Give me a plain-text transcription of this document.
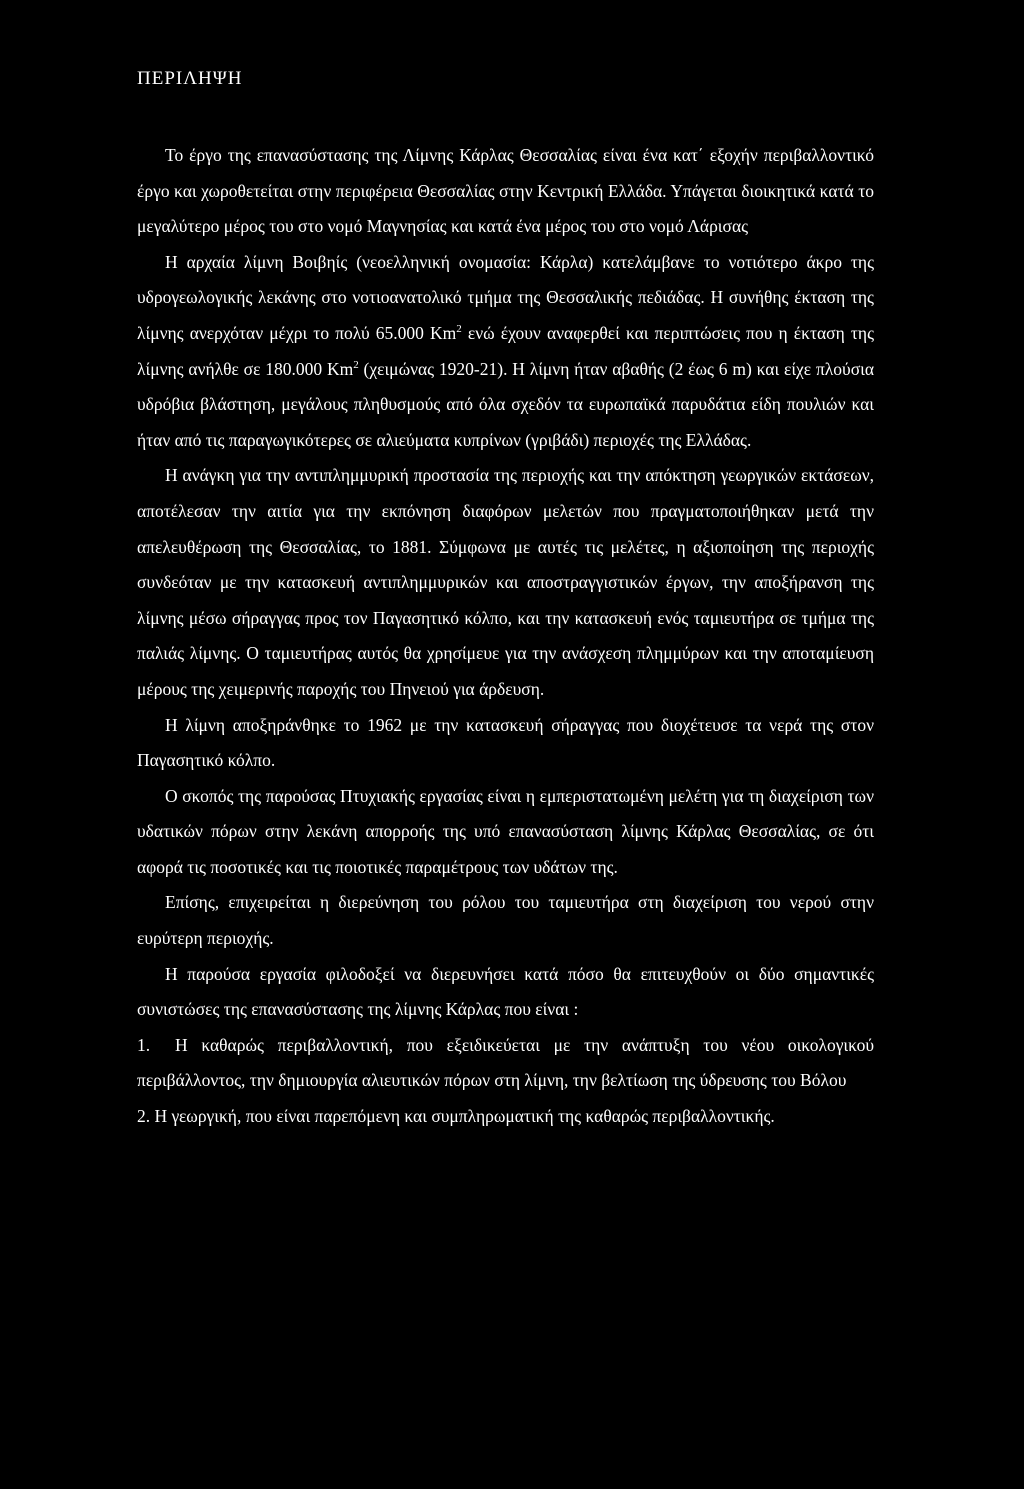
ΠΕΡΙΛΗΨΗ

Το έργο της επανασύστασης της Λίμνης Κάρλας Θεσσαλίας είναι ένα κατ΄ εξοχήν περιβαλλοντικό έργο και χωροθετείται στην περιφέρεια Θεσσαλίας στην Κεντρική Ελλάδα. Υπάγεται διοικητικά κατά το μεγαλύτερο μέρος του στο νομό Μαγνησίας και κατά ένα μέρος του στο νομό Λάρισας

Η αρχαία λίμνη Βοιβηίς (νεοελληνική ονομασία: Κάρλα) κατελάμβανε το νοτιότερο άκρο της υδρογεωλογικής λεκάνης στο νοτιοανατολικό τμήμα της Θεσσαλικής πεδιάδας. Η συνήθης έκταση της λίμνης ανερχόταν μέχρι το πολύ 65.000 Km$^2$ ενώ έχουν αναφερθεί και περιπτώσεις που η έκταση της λίμνης ανήλθε σε 180.000 Km$^2$ (χειμώνας 1920-21). Η λίμνη ήταν αβαθής (2 έως 6 m) και είχε πλούσια υδρόβια βλάστηση, μεγάλους πληθυσμούς από όλα σχεδόν τα ευρωπαϊκά παρυδάτια είδη πουλιών και ήταν από τις παραγωγικότερες σε αλιεύματα κυπρίνων (γριβάδι) περιοχές της Ελλάδας.

Η ανάγκη για την αντιπλημμυρική προστασία της περιοχής και την απόκτηση γεωργικών εκτάσεων, αποτέλεσαν την αιτία για την εκπόνηση διαφόρων μελετών που πραγματοποιήθηκαν μετά την απελευθέρωση της Θεσσαλίας, το 1881. Σύμφωνα με αυτές τις μελέτες, η αξιοποίηση της περιοχής συνδεόταν με την κατασκευή αντιπλημμυρικών και αποστραγγιστικών έργων, την αποξήρανση της λίμνης μέσω σήραγγας προς τον Παγασητικό κόλπο, και την κατασκευή ενός ταμιευτήρα σε τμήμα της παλιάς λίμνης. Ο ταμιευτήρας αυτός θα χρησίμευε για την ανάσχεση πλημμύρων και την αποταμίευση μέρους της χειμερινής παροχής του Πηνειού για άρδευση.

Η λίμνη αποξηράνθηκε το 1962 με την κατασκευή σήραγγας που διοχέτευσε τα νερά της στον Παγασητικό κόλπο.

Ο σκοπός της παρούσας Πτυχιακής εργασίας είναι η εμπεριστατωμένη μελέτη για τη διαχείριση των υδατικών πόρων στην λεκάνη απορροής της υπό επανασύσταση λίμνης Κάρλας Θεσσαλίας, σε ότι αφορά τις ποσοτικές και τις ποιοτικές παραμέτρους των υδάτων της.

Επίσης, επιχειρείται η διερεύνηση του ρόλου του ταμιευτήρα στη διαχείριση του νερού στην ευρύτερη περιοχής.

Η παρούσα εργασία φιλοδοξεί να διερευνήσει κατά πόσο θα επιτευχθούν οι δύο σημαντικές συνιστώσες της επανασύστασης της λίμνης Κάρλας που είναι :

1. Η καθαρώς περιβαλλοντική, που εξειδικεύεται με την ανάπτυξη του νέου οικολογικού περιβάλλοντος, την δημιουργία αλιευτικών πόρων στη λίμνη, την βελτίωση της ύδρευσης του Βόλου

2. Η γεωργική, που είναι παρεπόμενη και συμπληρωματική της καθαρώς περιβαλλοντικής.
